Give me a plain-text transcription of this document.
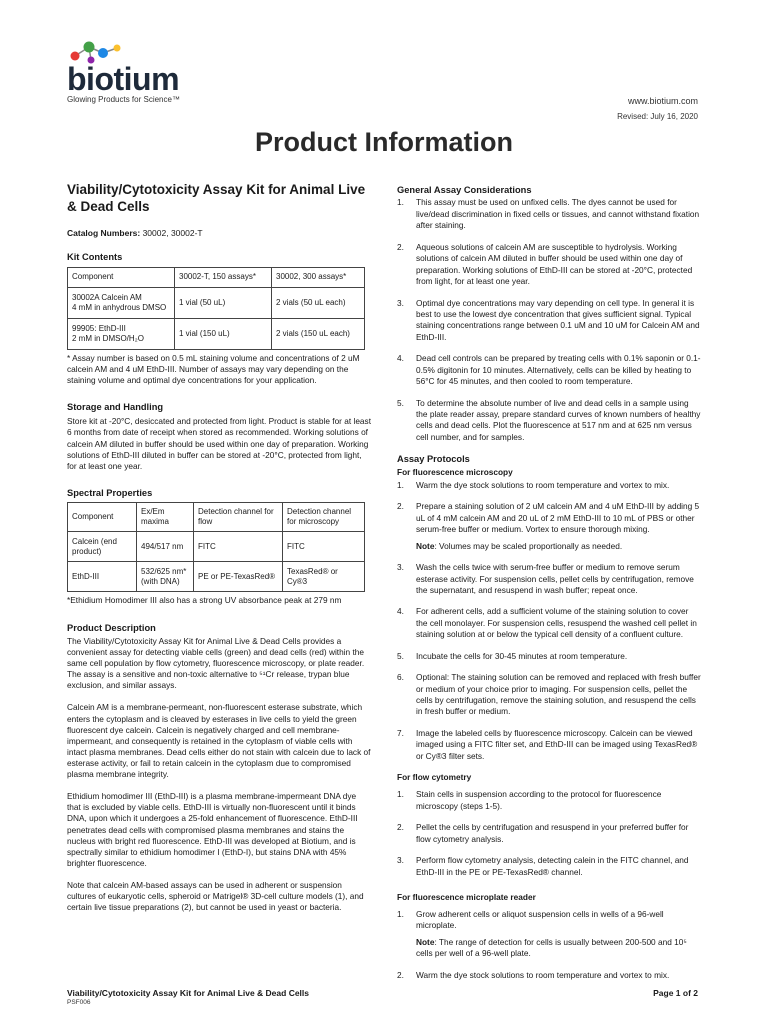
biotium
Glowing Products for Science™	www.biotium.com
Revised: July 16, 2020
Product Information
Viability/Cytotoxicity Assay Kit for Animal Live & Dead Cells
Catalog Numbers: 30002, 30002-T
Kit Contents
Component	30002-T, 150 assays*	30002, 300 assays*
30002A Calcein AM
4 mM in anhydrous DMSO	1 vial (50 uL)	2 vials (50 uL each)
99905: EthD-III
2 mM in DMSO/H₂O	1 vial (150 uL)	2 vials (150 uL each)

* Assay number is based on 0.5 mL staining volume and concentrations of 2 uM calcein AM and 4 uM EthD-III. Number of assays may vary depending on the staining volume and optimal dye concentrations for your application.

Storage and Handling

Store kit at -20°C, desiccated and protected from light. Product is stable for at least 6 months from date of receipt when stored as recommended. Working solutions of calcein AM diluted in buffer should be used within one day of preparation. Working solutions of EthD-III diluted in buffer can be stored at -20°C, protected from light, for at least one year.

Spectral Properties
Component	Ex/Em maxima	Detection channel for flow	Detection channel for microscopy
Calcein (end product)	494/517 nm	FITC	FITC
EthD-III	532/625 nm* (with DNA)	PE or PE-TexasRed®	TexasRed® or Cy®3

*Ethidium Homodimer III also has a strong UV absorbance peak at 279 nm

Product Description

The Viability/Cytotoxicity Assay Kit for Animal Live & Dead Cells provides a convenient assay for detecting viable cells (green) and dead cells (red) within the same cell population by flow cytometry, fluorescence microscopy, or plate reader. The assay is a sensitive and non-toxic alternative to ⁵¹Cr release, trypan blue exclusion, and similar assays.

Calcein AM is a membrane-permeant, non-fluorescent esterase substrate, which enters the cytoplasm and is cleaved by esterases in live cells to yield the green fluorescent dye calcein. Calcein is negatively charged and cell membrane-impermeant, and consequently is retained in the cytoplasm of viable cells with intact plasma membranes. Dead cells either do not stain with calcein due to lack of esterase activity, or fail to retain calcein in the cytoplasm due to compromised plasma membrane integrity.

Ethidium homodimer III (EthD-III) is a plasma membrane-impermeant DNA dye that is excluded by viable cells. EthD-III is virtually non-fluorescent until it binds DNA, upon which it undergoes a 25-fold enhancement of fluorescence. EthD-III penetrates dead cells with compromised plasma membranes and stains the nucleus with bright red fluorescence. EthD-III was developed at Biotium, and is spectrally similar to ethidium homodimer I (EthD-I), but stains DNA with 45% brighter fluorescence.

Note that calcein AM-based assays can be used in adherent or suspension cultures of eukaryotic cells, spheroid or Matrigel® 3D-cell culture models (1), and certain live tissue preparations (2), but cannot be used in yeast or bacteria.

General Assay Considerations
1. This assay must be used on unfixed cells. The dyes cannot be used for live/dead discrimination in fixed cells or tissues, and cannot withstand fixation after staining.
2. Aqueous solutions of calcein AM are susceptible to hydrolysis. Working solutions of calcein AM diluted in buffer should be used within one day of preparation. Working solutions of EthD-III can be stored at -20°C, protected from light, for at least one year.
3. Optimal dye concentrations may vary depending on cell type. In general it is best to use the lowest dye concentration that gives sufficient signal. Typical staining concentrations range between 0.1 uM and 10 uM for Calcein AM and EthD-III.
4. Dead cell controls can be prepared by treating cells with 0.1% saponin or 0.1-0.5% digitonin for 10 minutes. Alternatively, cells can be killed by heating to 56°C for 45 minutes, and then cooled to room temperature.
5. To determine the absolute number of live and dead cells in a sample using the plate reader assay, prepare standard curves of known numbers of healthy cells and dead cells. Plot the fluorescence at 517 nm and at 625 nm versus cell number, and for samples.
Assay Protocols
For fluorescence microscopy
1. Warm the dye stock solutions to room temperature and vortex to mix.
2. Prepare a staining solution of 2 uM calcein AM and 4 uM EthD-III by adding 5 uL of 4 mM calcein AM and 20 uL of 2 mM EthD-III to 10 mL of PBS or other serum-free buffer or medium. Vortex to ensure thorough mixing.
Note: Volumes may be scaled proportionally as needed.
3. Wash the cells twice with serum-free buffer or medium to remove serum esterase activity. For suspension cells, pellet cells by centrifugation, remove the supernatant, and resuspend in wash buffer; repeat once.
4. For adherent cells, add a sufficient volume of the staining solution to cover the cell monolayer. For suspension cells, resuspend the washed cell pellet in staining solution at or below the typical cell density of a confluent culture.
5. Incubate the cells for 30-45 minutes at room temperature.
6. Optional: The staining solution can be removed and replaced with fresh buffer or medium of your choice prior to imaging. For suspension cells, pellet the cells by centrifugation, remove the staining solution, and resuspend the cells in fresh buffer or medium.
7. Image the labeled cells by fluorescence microscopy. Calcein can be viewed imaged using a FITC filter set, and EthD-III can be imaged using TexasRed® or Cy®3 filter sets.
For flow cytometry
1. Stain cells in suspension according to the protocol for fluorescence microscopy (steps 1-5).
2. Pellet the cells by centrifugation and resuspend in your preferred buffer for flow cytometry analysis.
3. Perform flow cytometry analysis, detecting calein in the FITC channel, and EthD-III in the PE or PE-TexasRed® channel.
For fluorescence microplate reader
1. Grow adherent cells or aliquot suspension cells in wells of a 96-well microplate.
Note: The range of detection for cells is usually between 200-500 and 10⁵ cells per well of a 96-well plate.
2. Warm the dye stock solutions to room temperature and vortex to mix.
Viability/Cytotoxicity Assay Kit for Animal Live & Dead Cells
PSF006
Page 1 of 2
